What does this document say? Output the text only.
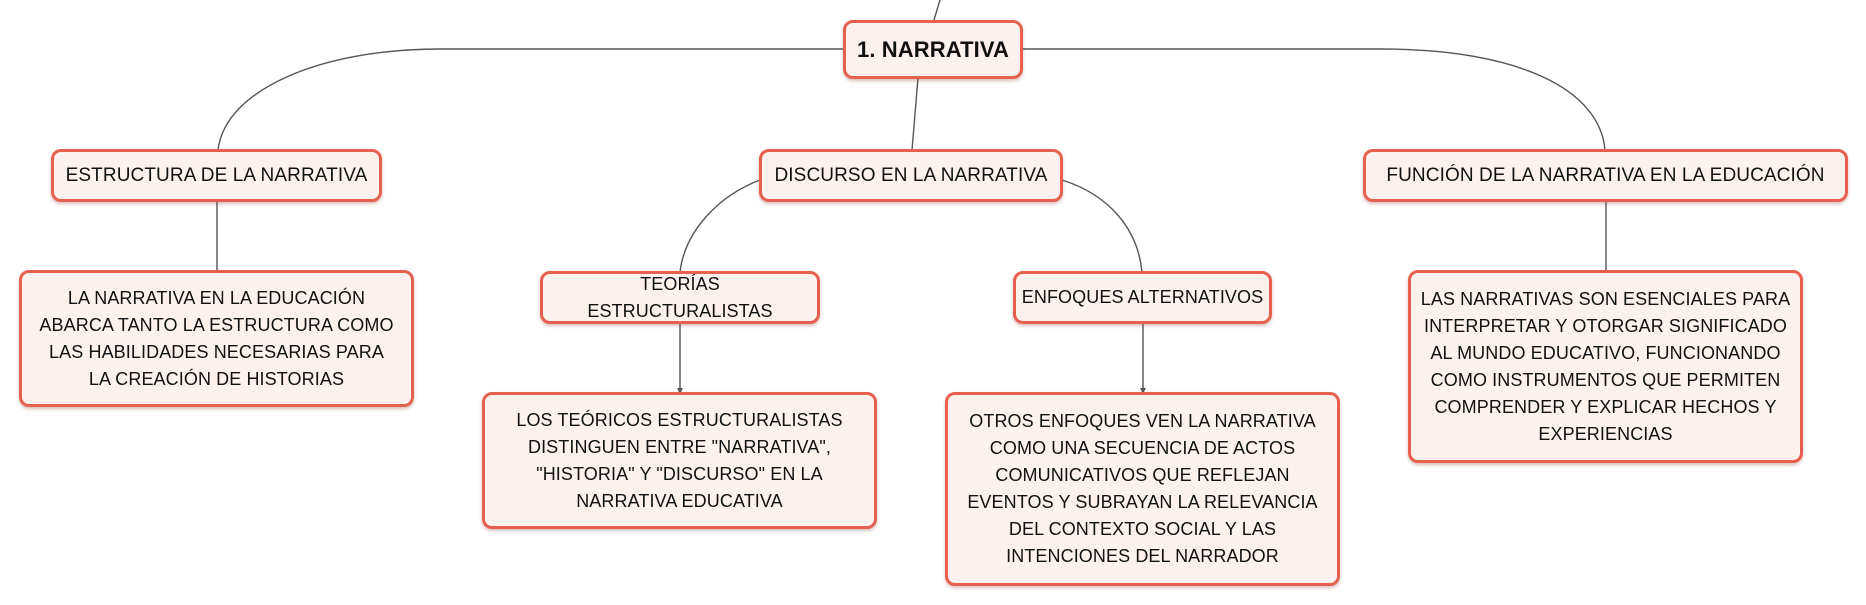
1. NARRATIVA
ESTRUCTURA DE LA NARRATIVA	DISCURSO EN LA NARRATIVA	FUNCIÓN DE LA NARRATIVA EN LA EDUCACIÓN
LA NARRATIVA EN LA EDUCACIÓN ABARCA TANTO LA ESTRUCTURA COMO LAS HABILIDADES NECESARIAS PARA LA CREACIÓN DE HISTORIAS
TEORÍAS ESTRUCTURALISTAS
ENFOQUES ALTERNATIVOS
LOS TEÓRICOS ESTRUCTURALISTAS DISTINGUEN ENTRE "NARRATIVA", "HISTORIA" Y "DISCURSO" EN LA NARRATIVA EDUCATIVA
OTROS ENFOQUES VEN LA NARRATIVA COMO UNA SECUENCIA DE ACTOS COMUNICATIVOS QUE REFLEJAN EVENTOS Y SUBRAYAN LA RELEVANCIA DEL CONTEXTO SOCIAL Y LAS INTENCIONES DEL NARRADOR
LAS NARRATIVAS SON ESENCIALES PARA INTERPRETAR Y OTORGAR SIGNIFICADO AL MUNDO EDUCATIVO, FUNCIONANDO COMO INSTRUMENTOS QUE PERMITEN COMPRENDER Y EXPLICAR HECHOS Y EXPERIENCIAS
